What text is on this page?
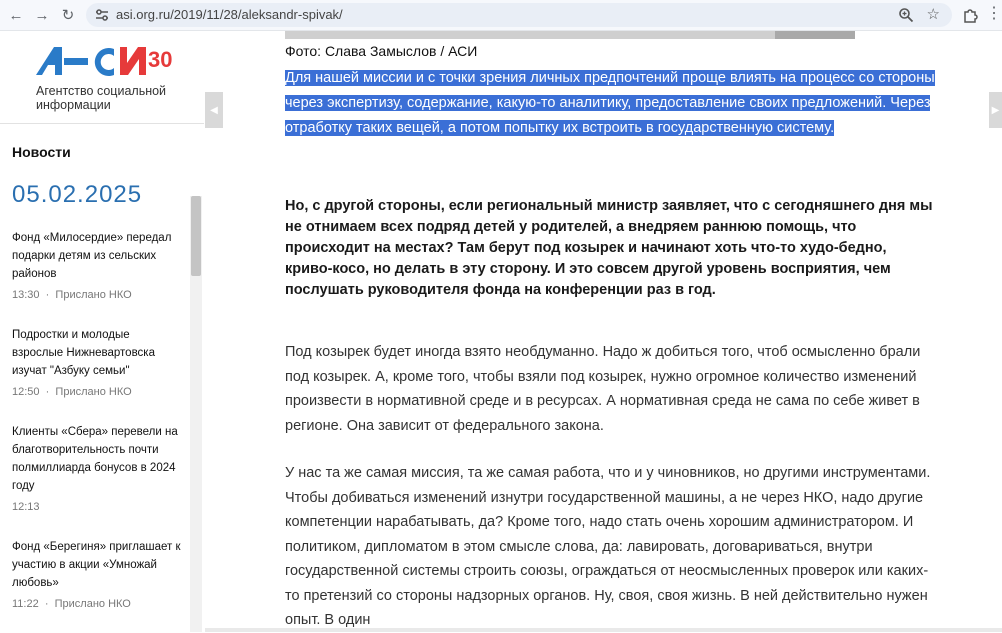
← → ↻	asi.org.ru/2019/11/28/aleksandr-spivak/	☆	⋮
30
Агентство социальной информации
Новости
05.02.2025
Фонд «Милосердие» передал подарки детям из сельских районов
13:30  ·  Прислано НКО
Подростки и молодые взрослые Нижневартовска изучат "Азбуку семьи"
12:50  ·  Прислано НКО
Клиенты «Сбера» перевели на благотворительность почти полмиллиарда бонусов в 2024 году
12:13
Фонд «Берегиня» приглашает к участию в акции «Умножай любовь»
11:22  ·  Прислано НКО
◀	▶
Фото: Слава Замыслов / АСИ
Для нашей миссии и с точки зрения личных предпочтений проще влиять на процесс со стороны через экспертизу, содержание, какую-то аналитику, предоставление своих предложений. Через отработку таких вещей, а потом попытку их встроить в государственную систему.
Но, с другой стороны, если региональный министр заявляет, что с сегодняшнего дня мы не отнимаем всех подряд детей у родителей, а внедряем раннюю помощь, что происходит на местах? Там берут под козырек и начинают хоть что-то худо-бедно, криво-косо, но делать в эту сторону. И это совсем другой уровень восприятия, чем послушать руководителя фонда на конференции раз в год.
Под козырек будет иногда взято необдуманно. Надо ж добиться того, чтоб осмысленно брали под козырек. А, кроме того, чтобы взяли под козырек, нужно огромное количество изменений произвести в нормативной среде и в ресурсах. А нормативная среда не сама по себе живет в регионе. Она зависит от федерального закона.
У нас та же самая миссия, та же самая работа, что и у чиновников, но другими инструментами. Чтобы добиваться изменений изнутри государственной машины, а не через НКО, надо другие компетенции нарабатывать, да? Кроме того, надо стать очень хорошим администратором. И политиком, дипломатом в этом смысле слова, да: лавировать, договариваться, внутри государственной системы строить союзы, ограждаться от неосмысленных проверок или каких-то претензий со стороны надзорных органов. Ну, своя, своя жизнь. В ней действительно нужен опыт. В один
